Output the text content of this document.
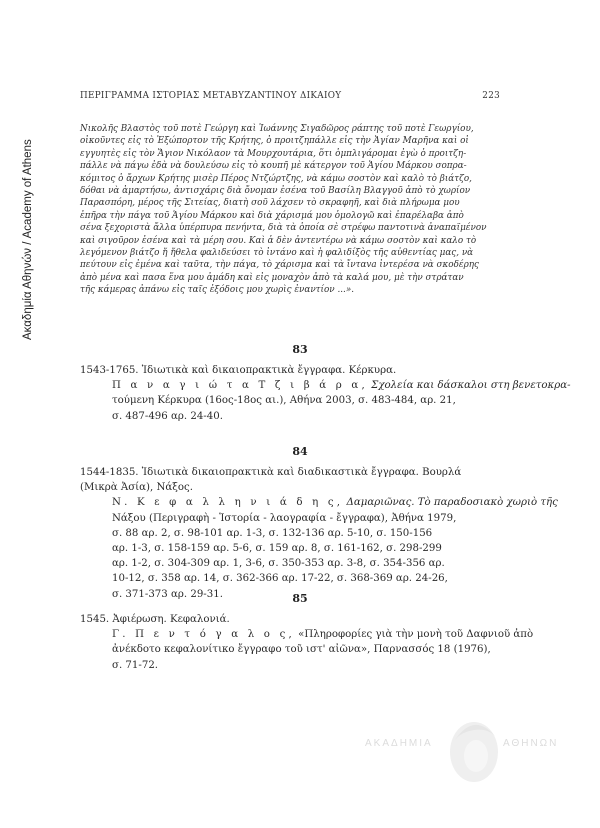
Ακαδημία Αθηνών / Academy of Athens
ΠΕΡΙΓΡΑΜΜΑ ΙΣΤΟΡΙΑΣ ΜΕΤΑΒΥΖΑΝΤΙΝΟΥ ΔΙΚΑΙΟΥ	223
Νικολῆς Βλαστὸς τοῦ ποτὲ Γεώργη καὶ Ἰωάννης Σιγαδῶρος ράπτης τοῦ ποτὲ Γεωργίου,
οἰκοῦντες εἰς τὸ Ἐξώπορτον τῆς Κρήτης, ὁ προιτζηπάλλε εἰς τὴν Ἁγίαν Μαρῆνα καὶ οἱ
εγγυητὲς εἰς τὸν Ἅγιον Νικόλαον τὰ Μουρχουτάρια, ὅτι ὁμπλιγάρομαι ἐγὼ ὁ προιτζη-
πάλλε νὰ πάγω ἐδὰ νὰ δουλεύσω εἰς τὸ κουπῆ μὲ κάτεργον τοῦ Ἁγίου Μάρκου σοπρα-
κόμιτος ὁ ἄρχων Κρήτης μισὲρ Πέρος Ντζώρτζης, νὰ κάμω σοστὸν καὶ καλὸ τὸ βιάτζο,
δόθαι νὰ ἁμαρτήσω, ἀντισχάρις διὰ ὄνομαν ἐσένα τοῦ Βασίλη Βλαγγοῦ ἀπὸ τὸ χωρίον
Παρασπόρη, μέρος τῆς Σιτείας, διατὴ σοῦ λάχσεν τὸ σκραφηῆ, καὶ διὰ πλήρωμα μου
ἐπῆρα τὴν πάγα τοῦ Ἁγίου Μάρκου καὶ διὰ χάρισμά μου ὁμολογῶ καὶ ἐπαρέλαβα ἀπὸ
σένα ξεχοριστὰ ἄλλα ὑπέρπυρα πενήντα, διὰ τὰ ὁποία σὲ στρέφω παντοτινὰ ἀναπαϊμένον
καὶ σιγοῦρον ἐσένα καὶ τὰ μέρη σου. Καὶ ἁ δὲν ἀντεντέρω νὰ κάμω σοστὸν καὶ καλο τὸ
λεγόμενον βιάτζο ἤ ἤθελα φαλιδεύσει τὸ ἰντάνο καὶ ἡ φαλιδίξὸς τῆς αὐθεντίας μας, νὰ
πεύτουν εἰς ἐμένα καὶ ταῦτα, τὴν πάγα, τὸ χάρισμα καὶ τὰ ἴνταva ἰντερέσα νὰ σκοδέρης
ἀπὸ μένα καὶ πασα ἕνα μου ἀμάδη καὶ εἰς μοναχὸν ἀπὸ τὰ καλά μου, μὲ τὴν στράταν
τῆς κάμερας ἀπάνω εἰς ταῖς ἐξόδοις μου χωρὶς ἐναντίον ...».
83
1543-1765. Ἰδιωτικὰ καὶ δικαιοπρακτικὰ ἔγγραφα. Κέρκυρα.
Π α ν α γ ι ώ τ α Τ ζ ι β ά ρ α, Σχολεία και δάσκαλοι στη βενετοκρα-
τούμενη Κέρκυρα (16ος-18ος αι.), Αθήνα 2003, σ. 483-484, αρ. 21,
σ. 487-496 αρ. 24-40.
84
1544-1835. Ἰδιωτικὰ δικαιοπρακτικὰ καὶ διαδικαστικὰ ἔγγραφα. Βουρλά
(Μικρὰ Ἀσία), Νάξος.
Ν. Κ ε φ α λ λ η ν ι ά δ η ς, Δαμαριῶνας. Τὸ παραδοσιακὸ χωριὸ τῆς
Νάξου (Περιγραφὴ - Ἱστορία - λαογραφία - ἔγγραφα), Ἀθήνα 1979,
σ. 88 αρ. 2, σ. 98-101 αρ. 1-3, σ. 132-136 αρ. 5-10, σ. 150-156
αρ. 1-3, σ. 158-159 αρ. 5-6, σ. 159 αρ. 8, σ. 161-162, σ. 298-299
αρ. 1-2, σ. 304-309 αρ. 1, 3-6, σ. 350-353 αρ. 3-8, σ. 354-356 αρ.
10-12, σ. 358 αρ. 14, σ. 362-366 αρ. 17-22, σ. 368-369 αρ. 24-26,
σ. 371-373 αρ. 29-31.	85
1545. Ἀφιέρωση. Κεφαλονιά.
Γ. Π ε ν τ ό γ α λ ο ς, «Πληροφορίες γιὰ τὴν μονὴ τοῦ Δαφνιοῦ ἀπὸ
ἀνέκδοτο κεφαλονίτικο ἔγγραφο τοῦ ιστ' αἰῶνα», Παρνασσός 18 (1976),
σ. 71-72.
ΑΚΑΔΗΜΙΑ	ΑΘΗΝΩΝ
